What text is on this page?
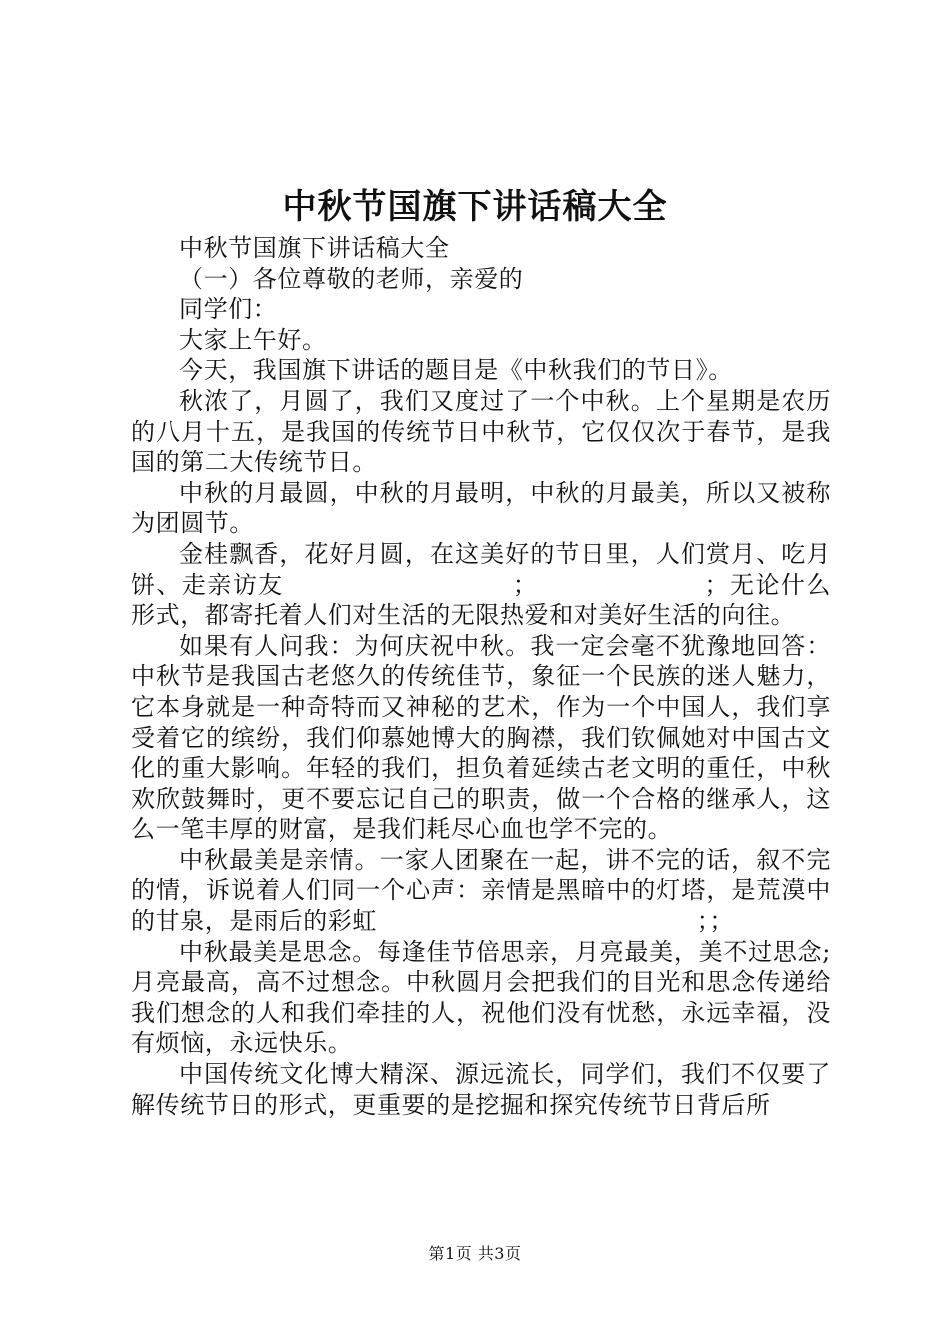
中秋节国旗下讲话稿大全

中秋节国旗下讲话稿大全

（一）各位尊敬的老师，亲爱的

同学们：

大家上午好。

今天，我国旗下讲话的题目是《中秋我们的节日》。

秋浓了，月圆了，我们又度过了一个中秋。上个星期是农历的八月十五，是我国的传统节日中秋节，它仅仅次于春节，是我国的第二大传统节日。

中秋的月最圆，中秋的月最明，中秋的月最美，所以又被称为团圆节。

金桂飘香，花好月圆，在这美好的节日里，人们赏月、吃月饼、走亲访友　　　　　　　　　；　　　　　　　；无论什么形式，都寄托着人们对生活的无限热爱和对美好生活的向往。

如果有人问我：为何庆祝中秋。我一定会毫不犹豫地回答：中秋节是我国古老悠久的传统佳节，象征一个民族的迷人魅力，它本身就是一种奇特而又神秘的艺术，作为一个中国人，我们享受着它的缤纷，我们仰慕她博大的胸襟，我们钦佩她对中国古文化的重大影响。年轻的我们，担负着延续古老文明的重任，中秋欢欣鼓舞时，更不要忘记自己的职责，做一个合格的继承人，这么一笔丰厚的财富，是我们耗尽心血也学不完的。

中秋最美是亲情。一家人团聚在一起，讲不完的话，叙不完的情，诉说着人们同一个心声：亲情是黑暗中的灯塔，是荒漠中的甘泉，是雨后的彩虹　　　　　　　　　　　　　；；

中秋最美是思念。每逢佳节倍思亲，月亮最美，美不过思念;月亮最高，高不过想念。中秋圆月会把我们的目光和思念传递给我们想念的人和我们牵挂的人，祝他们没有忧愁，永远幸福，没有烦恼，永远快乐。

中国传统文化博大精深、源远流长，同学们，我们不仅要了解传统节日的形式，更重要的是挖掘和探究传统节日背后所

第1页 共3页
